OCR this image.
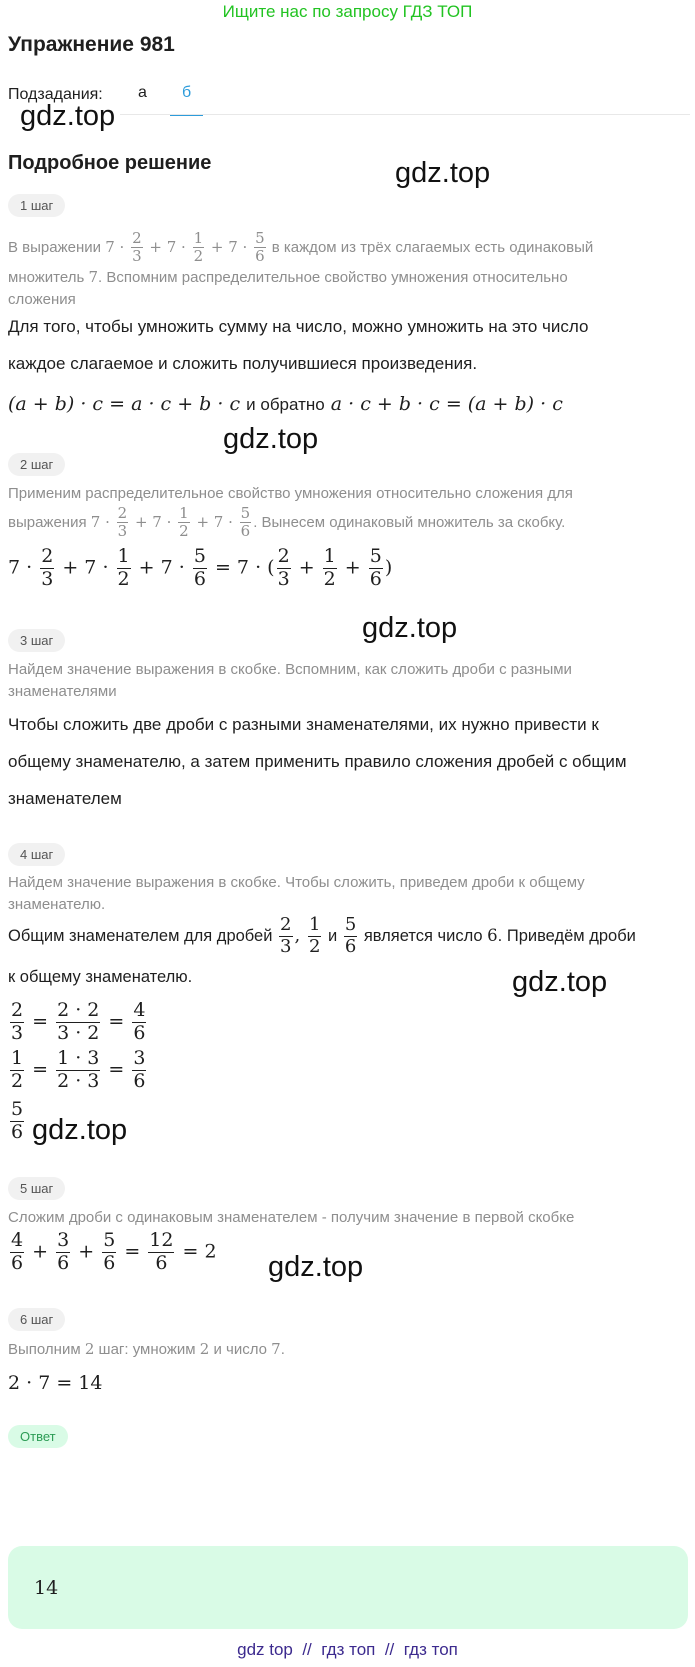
Ищите нас по запросу ГДЗ ТОП
Упражнение 981
Подзадания:	а	б
gdz.top
gdz.top
gdz.top
gdz.top
gdz.top
gdz.top
gdz.top
Подробное решение
1 шаг
В выражении $7 \cdot \frac{2}{3} + 7 \cdot \frac{1}{2} + 7 \cdot \frac{5}{6}$ в каждом из трёх слагаемых есть одинаковый
множитель 7. Вспомним распределительное свойство умножения относительно
сложения
Для того, чтобы умножить сумму на число, можно умножить на это число
каждое слагаемое и сложить получившиеся произведения.
(a + b) · c = a · c + b · c и обратно a · c + b · c = (a + b) · c
2 шаг
Применим распределительное свойство умножения относительно сложения для
выражения $7 \cdot \frac{2}{3} + 7 \cdot \frac{1}{2} + 7 \cdot \frac{5}{6}$ . Вынесем одинаковый множитель за скобку.
$7 \cdot \frac{2}{3} + 7 \cdot \frac{1}{2} + 7 \cdot \frac{5}{6} = 7$ · ( $\frac{2}{3} + \frac{1}{2} + \frac{5}{6}$ )
3 шаг
Найдем значение выражения в скобке. Вспомним, как сложить дроби с разными
знаменателями
Чтобы сложить две дроби с разными знаменателями, их нужно привести к
общему знаменателю, а затем применить правило сложения дробей с общим
знаменателем
4 шаг
Найдем значение выражения в скобке. Чтобы сложить, приведем дроби к общему
знаменателю.
Общим знаменателем для дробей $\frac{2}{3}$ , $\frac{1}{2}$ и $\frac{5}{6}$ является число 6. Приведём дроби
к общему знаменателю.
$\frac{2}{3} = \frac{2 \cdot 2}{3 \cdot 2} = \frac{4}{6}$
$\frac{1}{2} = \frac{1 \cdot 3}{2 \cdot 3} = \frac{3}{6}$
$\frac{5}{6}$
5 шаг
Сложим дроби с одинаковым знаменателем - получим значение в первой скобке
$\frac{4}{6} + \frac{3}{6} + \frac{5}{6} = \frac{12}{6} = 2$
6 шаг
Выполним 2 шаг: умножим 2 и число 7.
2 · 7 = 14
Ответ
14
gdz top // гдз топ // гдз топ
